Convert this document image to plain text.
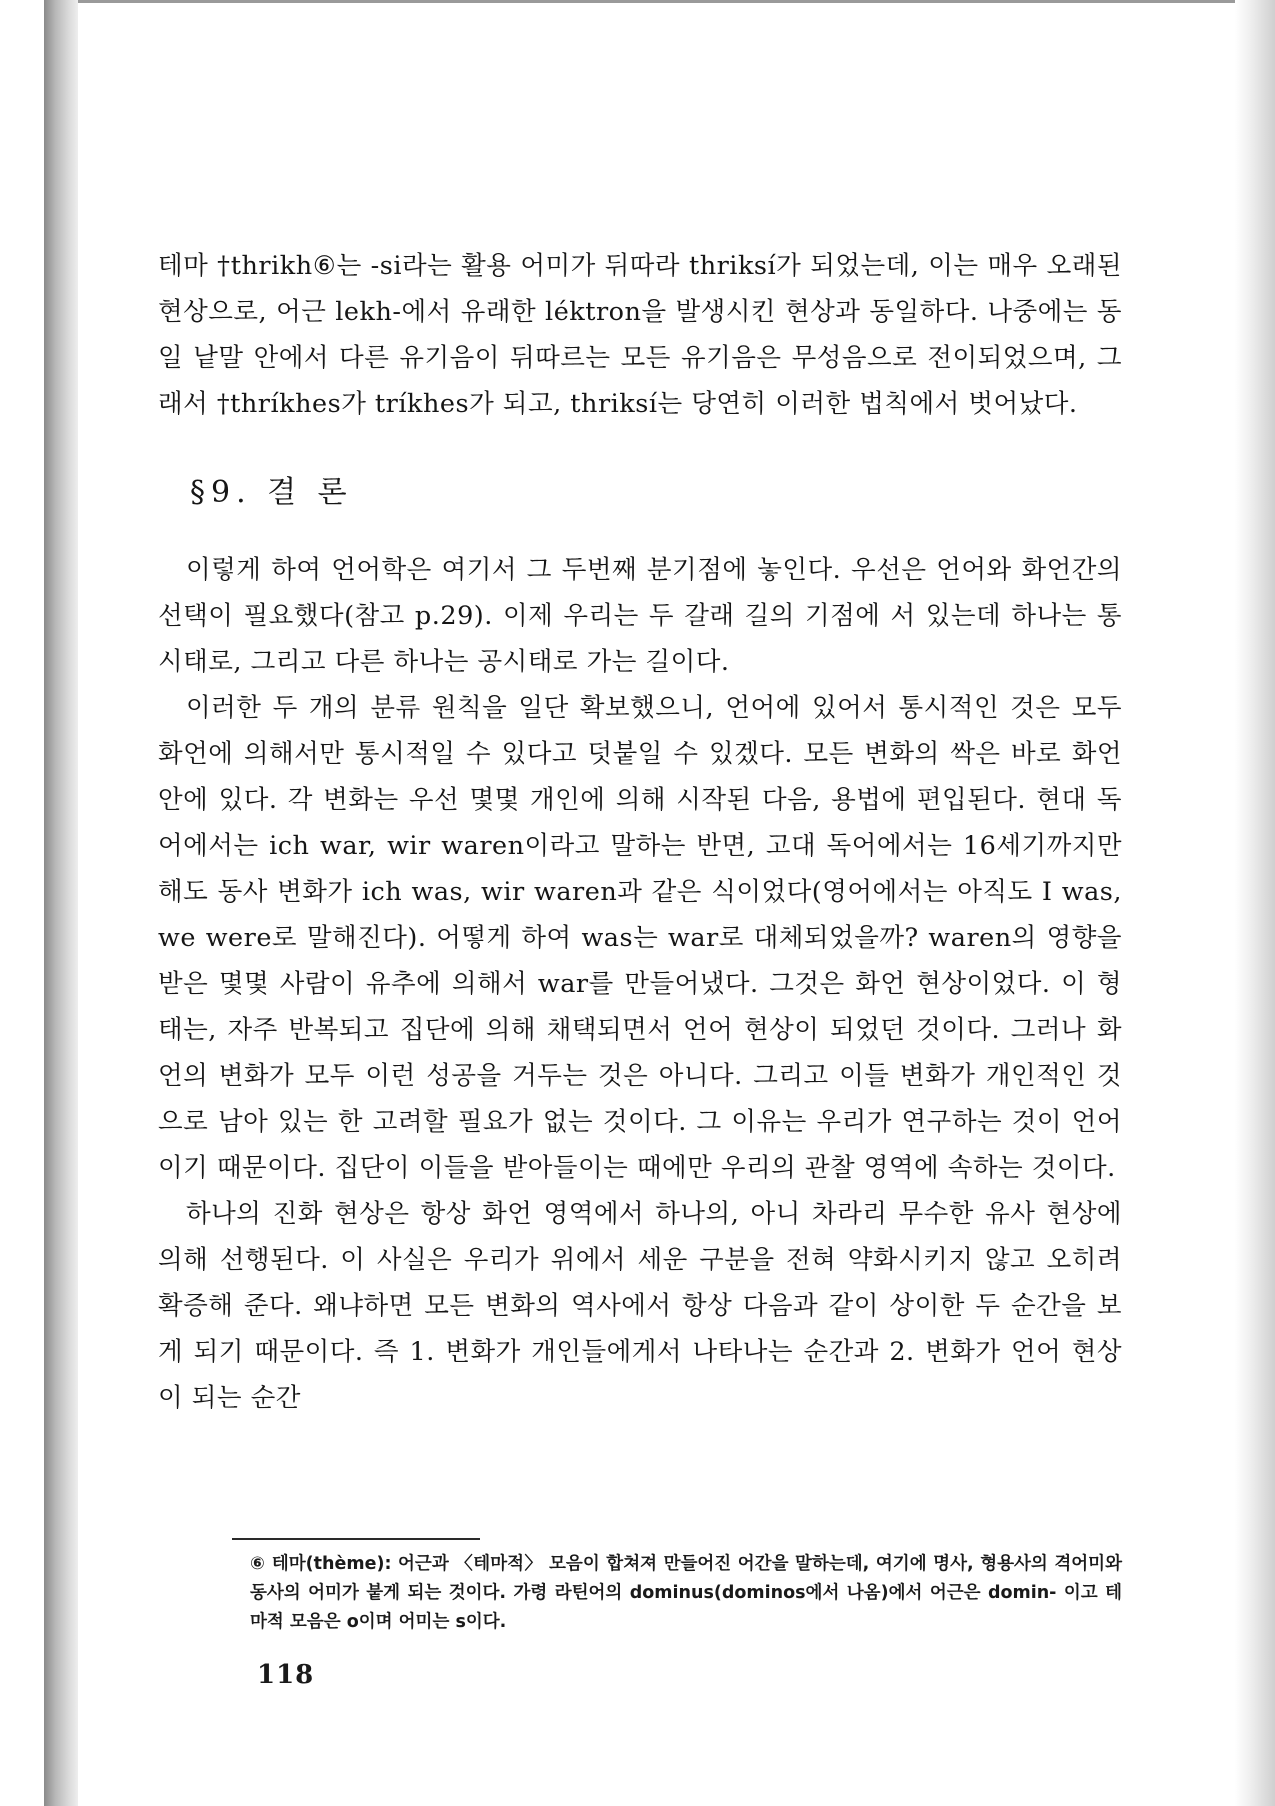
테마 †thrikh⑥는 -si라는 활용 어미가 뒤따라 thriksí가 되었는데, 이는 매우 오래된 현상으로, 어근 lekh-에서 유래한 léktron을 발생시킨 현상과 동일하다. 나중에는 동일 낱말 안에서 다른 유기음이 뒤따르는 모든 유기음은 무성음으로 전이되었으며, 그래서 †thríkhes가 tríkhes가 되고, thriksí는 당연히 이러한 법칙에서 벗어났다.

§9. 결 론

이렇게 하여 언어학은 여기서 그 두번째 분기점에 놓인다. 우선은 언어와 화언간의 선택이 필요했다(참고 p.29). 이제 우리는 두 갈래 길의 기점에 서 있는데 하나는 통시태로, 그리고 다른 하나는 공시태로 가는 길이다.

이러한 두 개의 분류 원칙을 일단 확보했으니, 언어에 있어서 통시적인 것은 모두 화언에 의해서만 통시적일 수 있다고 덧붙일 수 있겠다. 모든 변화의 싹은 바로 화언 안에 있다. 각 변화는 우선 몇몇 개인에 의해 시작된 다음, 용법에 편입된다. 현대 독어에서는 ich war, wir waren이라고 말하는 반면, 고대 독어에서는 16세기까지만 해도 동사 변화가 ich was, wir waren과 같은 식이었다(영어에서는 아직도 I was, we were로 말해진다). 어떻게 하여 was는 war로 대체되었을까? waren의 영향을 받은 몇몇 사람이 유추에 의해서 war를 만들어냈다. 그것은 화언 현상이었다. 이 형태는, 자주 반복되고 집단에 의해 채택되면서 언어 현상이 되었던 것이다. 그러나 화언의 변화가 모두 이런 성공을 거두는 것은 아니다. 그리고 이들 변화가 개인적인 것으로 남아 있는 한 고려할 필요가 없는 것이다. 그 이유는 우리가 연구하는 것이 언어이기 때문이다. 집단이 이들을 받아들이는 때에만 우리의 관찰 영역에 속하는 것이다.

하나의 진화 현상은 항상 화언 영역에서 하나의, 아니 차라리 무수한 유사 현상에 의해 선행된다. 이 사실은 우리가 위에서 세운 구분을 전혀 약화시키지 않고 오히려 확증해 준다. 왜냐하면 모든 변화의 역사에서 항상 다음과 같이 상이한 두 순간을 보게 되기 때문이다. 즉 1. 변화가 개인들에게서 나타나는 순간과 2. 변화가 언어 현상이 되는 순간

⑥ 테마(thème): 어근과 〈테마적〉 모음이 합쳐져 만들어진 어간을 말하는데, 여기에 명사, 형용사의 격어미와 동사의 어미가 붙게 되는 것이다. 가령 라틴어의 dominus(dominos에서 나옴)에서 어근은 domin- 이고 테마적 모음은 o이며 어미는 s이다.
118
